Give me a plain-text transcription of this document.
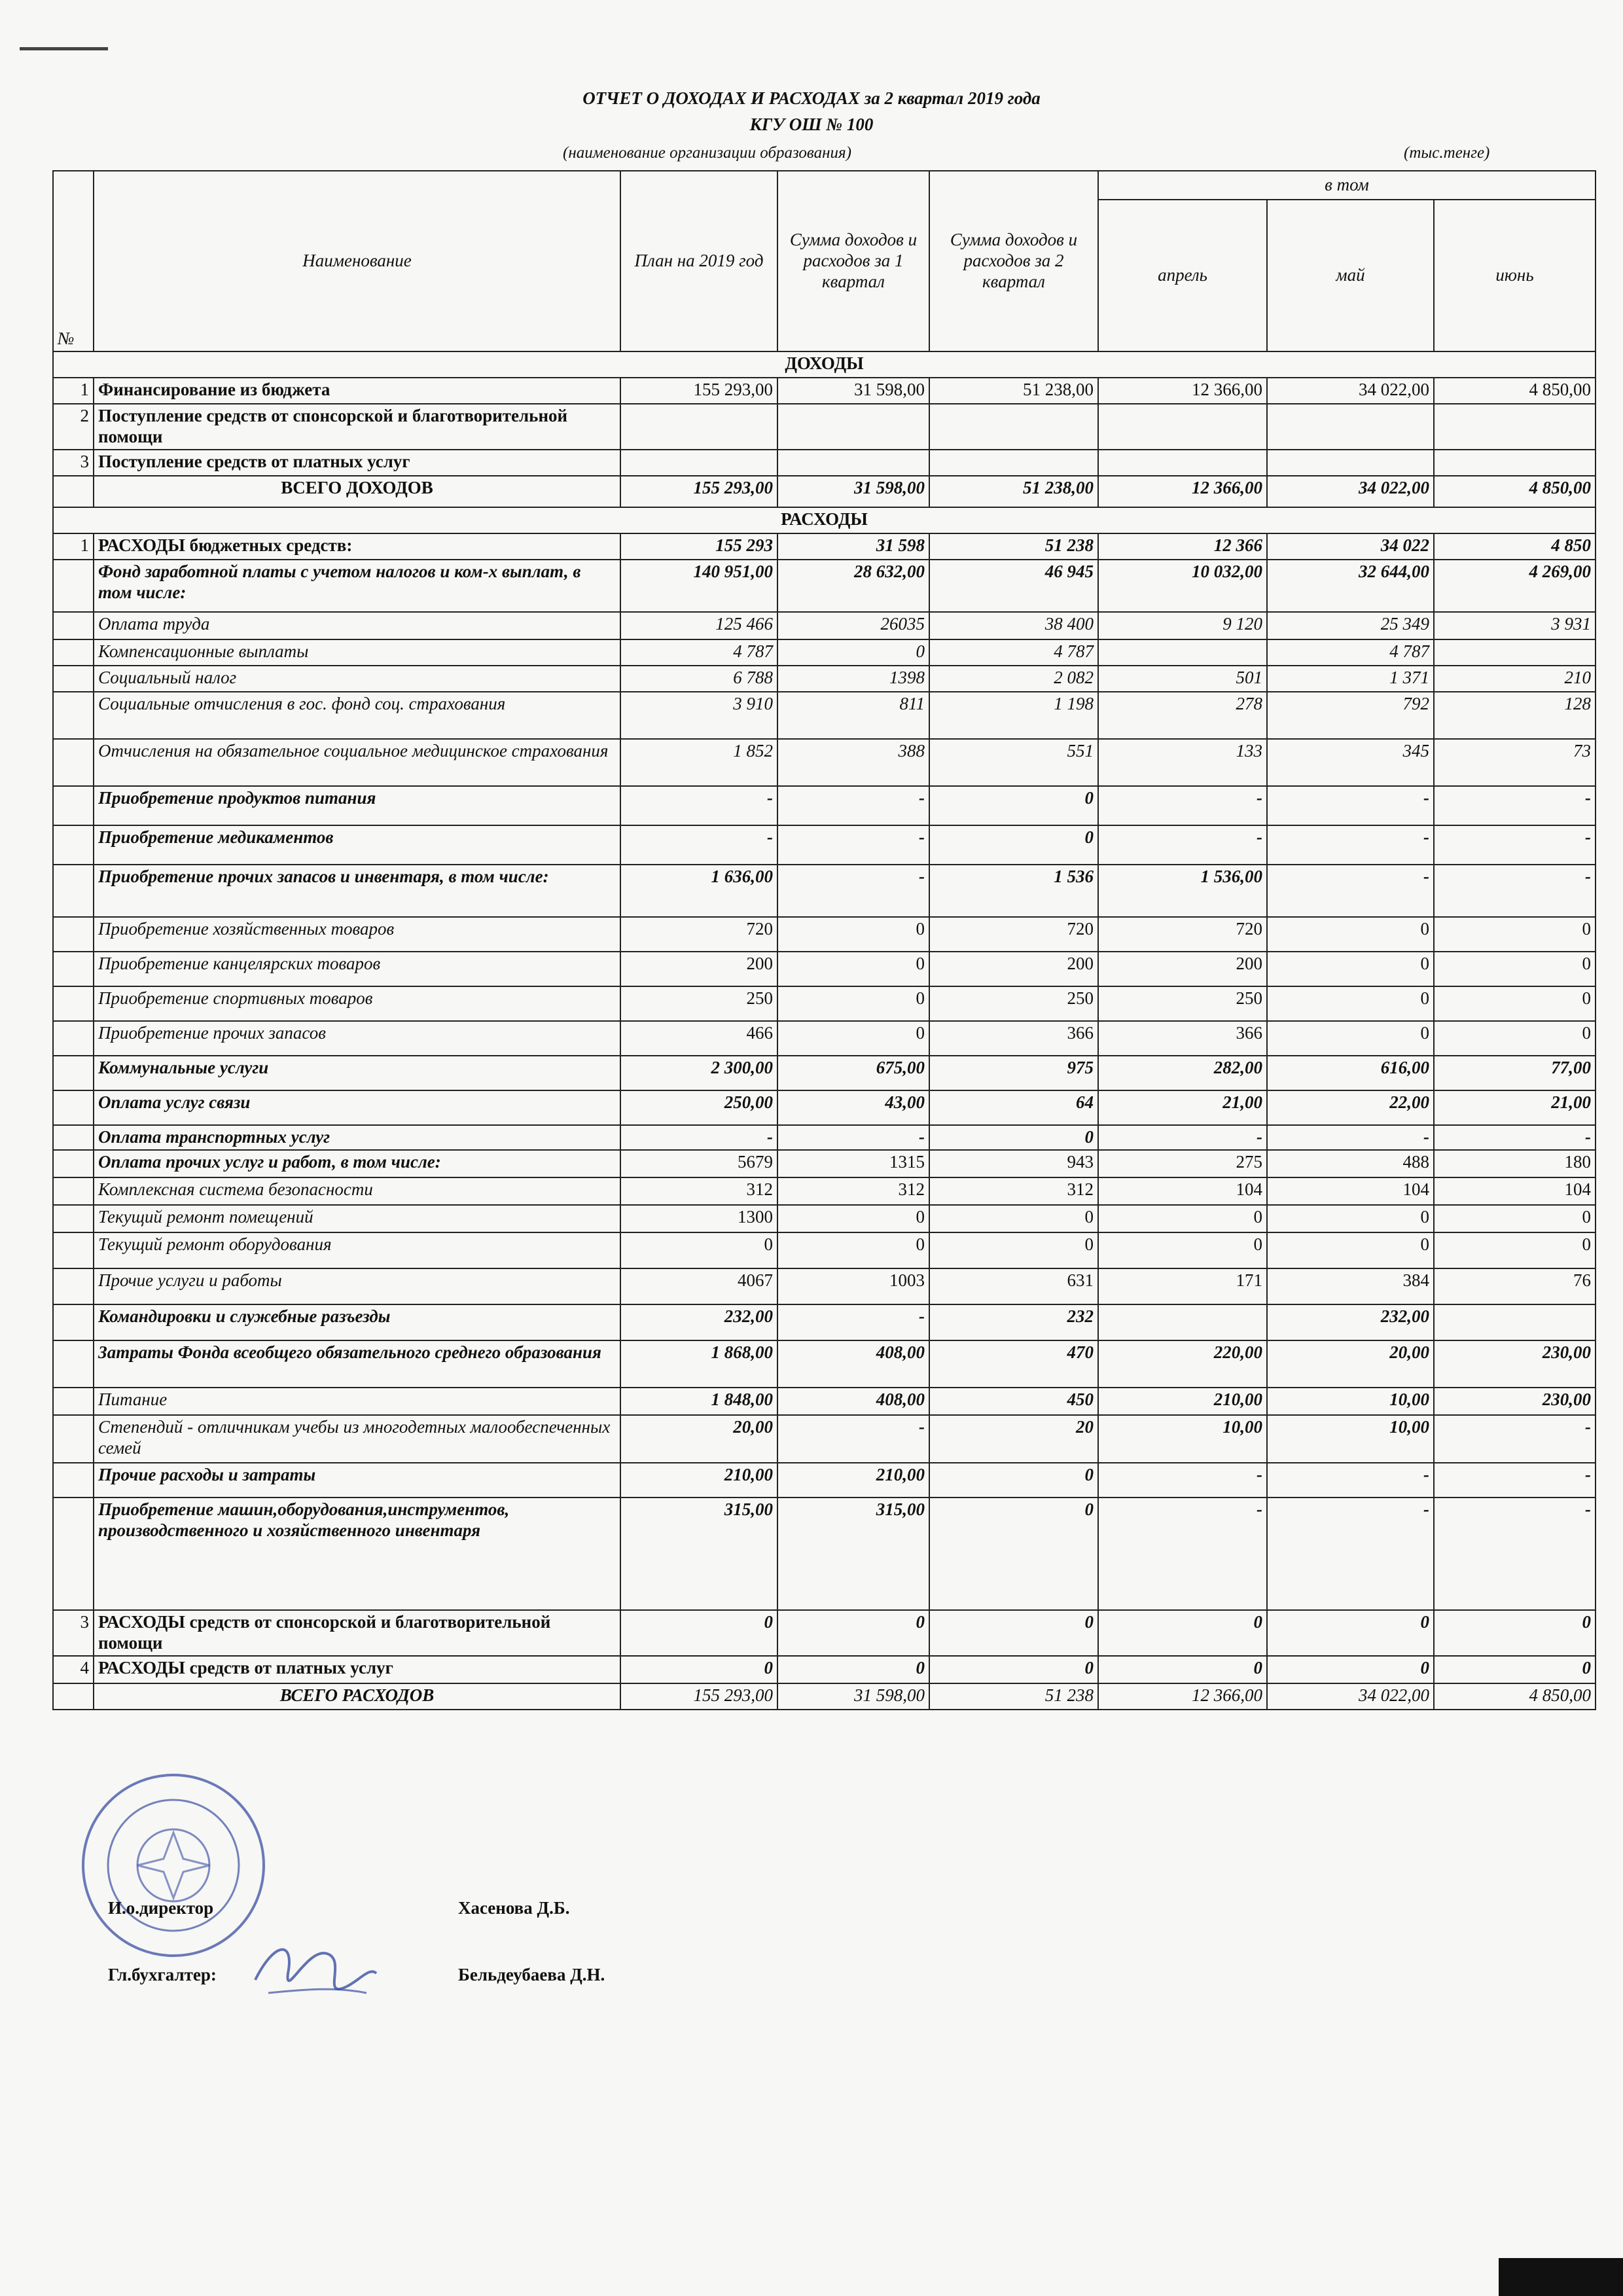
ОТЧЕТ О ДОХОДАХ И РАСХОДАХ за 2 квартал 2019 года
КГУ ОШ № 100
(наименование организации образования)	(тыс.тенге)
№	Наименование	План на 2019 год	Сумма доходов и расходов за 1 квартал	Сумма доходов и расходов за 2 квартал	в том		
					апрель	май	июнь
ДОХОДЫ							
1	Финансирование из бюджета	155 293,00	31 598,00	51 238,00	12 366,00	34 022,00	4 850,00
2	Поступление средств от спонсорской и благотворительной помощи						
3	Поступление средств от платных услуг						
	ВСЕГО ДОХОДОВ	155 293,00	31 598,00	51 238,00	12 366,00	34 022,00	4 850,00
РАСХОДЫ							
1	РАСХОДЫ бюджетных средств:	155 293	31 598	51 238	12 366	34 022	4 850
	Фонд заработной платы с учетом налогов и ком-х выплат, в том числе:	140 951,00	28 632,00	46 945	10 032,00	32 644,00	4 269,00
	Оплата труда	125 466	26035	38 400	9 120	25 349	3 931
	Компенсационные выплаты	4 787	0	4 787		4 787	
	Социальный налог	6 788	1398	2 082	501	1 371	210
	Социальные отчисления в гос. фонд соц. страхования	3 910	811	1 198	278	792	128
	Отчисления на обязательное социальное медицинское страхования	1 852	388	551	133	345	73
	Приобретение продуктов питания	-	-	0	-	-	-
	Приобретение медикаментов	-	-	0	-	-	-
	Приобретение прочих запасов и инвентаря, в том числе:	1 636,00	-	1 536	1 536,00	-	-
	Приобретение хозяйственных товаров	720	0	720	720	0	0
	Приобретение канцелярских товаров	200	0	200	200	0	0
	Приобретение спортивных товаров	250	0	250	250	0	0
	Приобретение прочих запасов	466	0	366	366	0	0
	Коммунальные услуги	2 300,00	675,00	975	282,00	616,00	77,00
	Оплата услуг связи	250,00	43,00	64	21,00	22,00	21,00
	Оплата транспортных услуг	-	-	0	-	-	-
	Оплата прочих услуг и работ, в том числе:	5679	1315	943	275	488	180
	Комплексная система безопасности	312	312	312	104	104	104
	Текущий ремонт помещений	1300	0	0	0	0	0
	Текущий ремонт оборудования	0	0	0	0	0	0
	Прочие услуги и работы	4067	1003	631	171	384	76
	Командировки и служебные разъезды	232,00	-	232		232,00	
	Затраты Фонда всеобщего обязательного среднего образования	1 868,00	408,00	470	220,00	20,00	230,00
	Питание	1 848,00	408,00	450	210,00	10,00	230,00
	Степендий - отличникам учебы из многодетных малообеспеченных семей	20,00	-	20	10,00	10,00	-
	Прочие расходы и затраты	210,00	210,00	0	-	-	-
	Приобретение машин,оборудования,инструментов, производственного и хозяйственного инвентаря	315,00	315,00	0	-	-	-
3	РАСХОДЫ средств от спонсорской и благотворительной помощи	0	0	0	0	0	0
4	РАСХОДЫ средств от платных услуг	0	0	0	0	0	0
	ВСЕГО РАСХОДОВ	155 293,00	31 598,00	51 238	12 366,00	34 022,00	4 850,00
И.о.директор	Хасенова Д.Б.
Гл.бухгалтер:	Бельдеубаева Д.Н.
